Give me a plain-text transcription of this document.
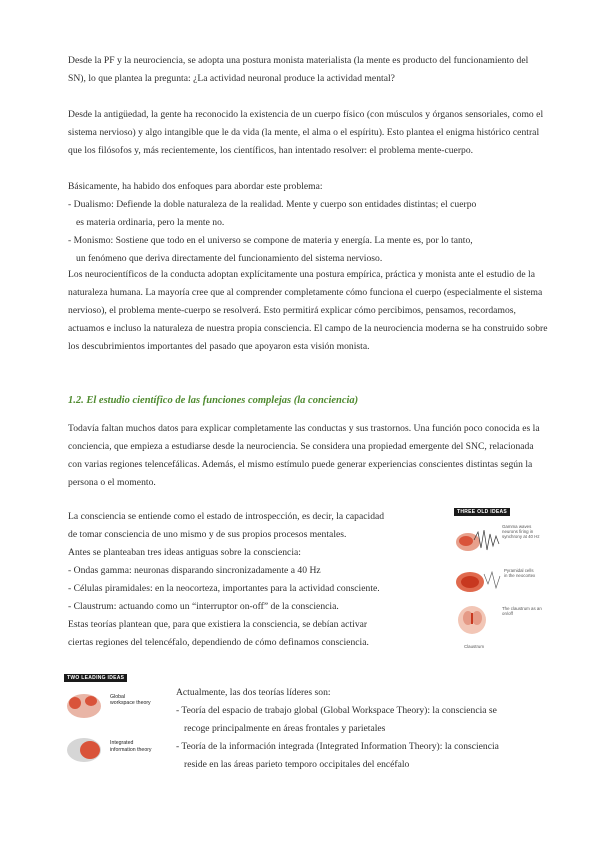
Desde la PF y la neurociencia, se adopta una postura monista materialista (la mente es producto del funcionamiento del SN), lo que plantea la pregunta: ¿La actividad neuronal produce la actividad mental?

Desde la antigüedad, la gente ha reconocido la existencia de un cuerpo físico (con músculos y órganos sensoriales, como el sistema nervioso) y algo intangible que le da vida (la mente, el alma o el espíritu). Esto plantea el enigma histórico central que los filósofos y, más recientemente, los científicos, han intentado resolver: el problema mente-cuerpo.

Básicamente, ha habido dos enfoques para abordar este problema:

- Dualismo: Defiende la doble naturaleza de la realidad. Mente y cuerpo son entidades distintas; el cuerpo

es materia ordinaria, pero la mente no.

- Monismo: Sostiene que todo en el universo se compone de materia y energía. La mente es, por lo tanto,

un fenómeno que deriva directamente del funcionamiento del sistema nervioso.

Los neurocientíficos de la conducta adoptan explícitamente una postura empírica, práctica y monista ante el estudio de la naturaleza humana. La mayoría cree que al comprender completamente cómo funciona el cuerpo (especialmente el sistema nervioso), el problema mente-cuerpo se resolverá. Esto permitirá explicar cómo percibimos, pensamos, recordamos, actuamos e incluso la naturaleza de nuestra propia consciencia. El campo de la neurociencia moderna se ha construido sobre los descubrimientos importantes del pasado que apoyaron esta visión monista.

1.2. El estudio científico de las funciones complejas (la conciencia)

Todavía faltan muchos datos para explicar completamente las conductas y sus trastornos. Una función poco conocida es la conciencia, que empieza a estudiarse desde la neurociencia. Se considera una propiedad emergente del SNC, relacionada con varias regiones telencefálicas. Además, el mismo estímulo puede generar experiencias conscientes distintas según la persona o el momento.

La consciencia se entiende como el estado de introspección, es decir, la capacidad

de tomar consciencia de uno mismo y de sus propios procesos mentales.

Antes se planteaban tres ideas antiguas sobre la consciencia:

- Ondas gamma: neuronas disparando sincronizadamente a 40 Hz

- Células piramidales: en la neocorteza, importantes para la actividad consciente.

- Claustrum: actuando como un “interruptor on-off” de la consciencia.

Estas teorías plantean que, para que existiera la consciencia, se debían activar

ciertas regiones del telencéfalo, dependiendo de cómo definamos consciencia.

THREE OLD IDEAS
Gamma waves
neurons firing in
synchrony at 40 Hz
Pyramidal cells
in the neocortex
The claustrum as an
on/off
Claustrum
TWO LEADING IDEAS
Global
workspace theory
Integrated
information theory

Actualmente, las dos teorías líderes son:

- Teoría del espacio de trabajo global (Global Workspace Theory): la consciencia se

recoge principalmente en áreas frontales y parietales

- Teoría de la información integrada (Integrated Information Theory): la consciencia

reside en las áreas parieto temporo occipitales del encéfalo
